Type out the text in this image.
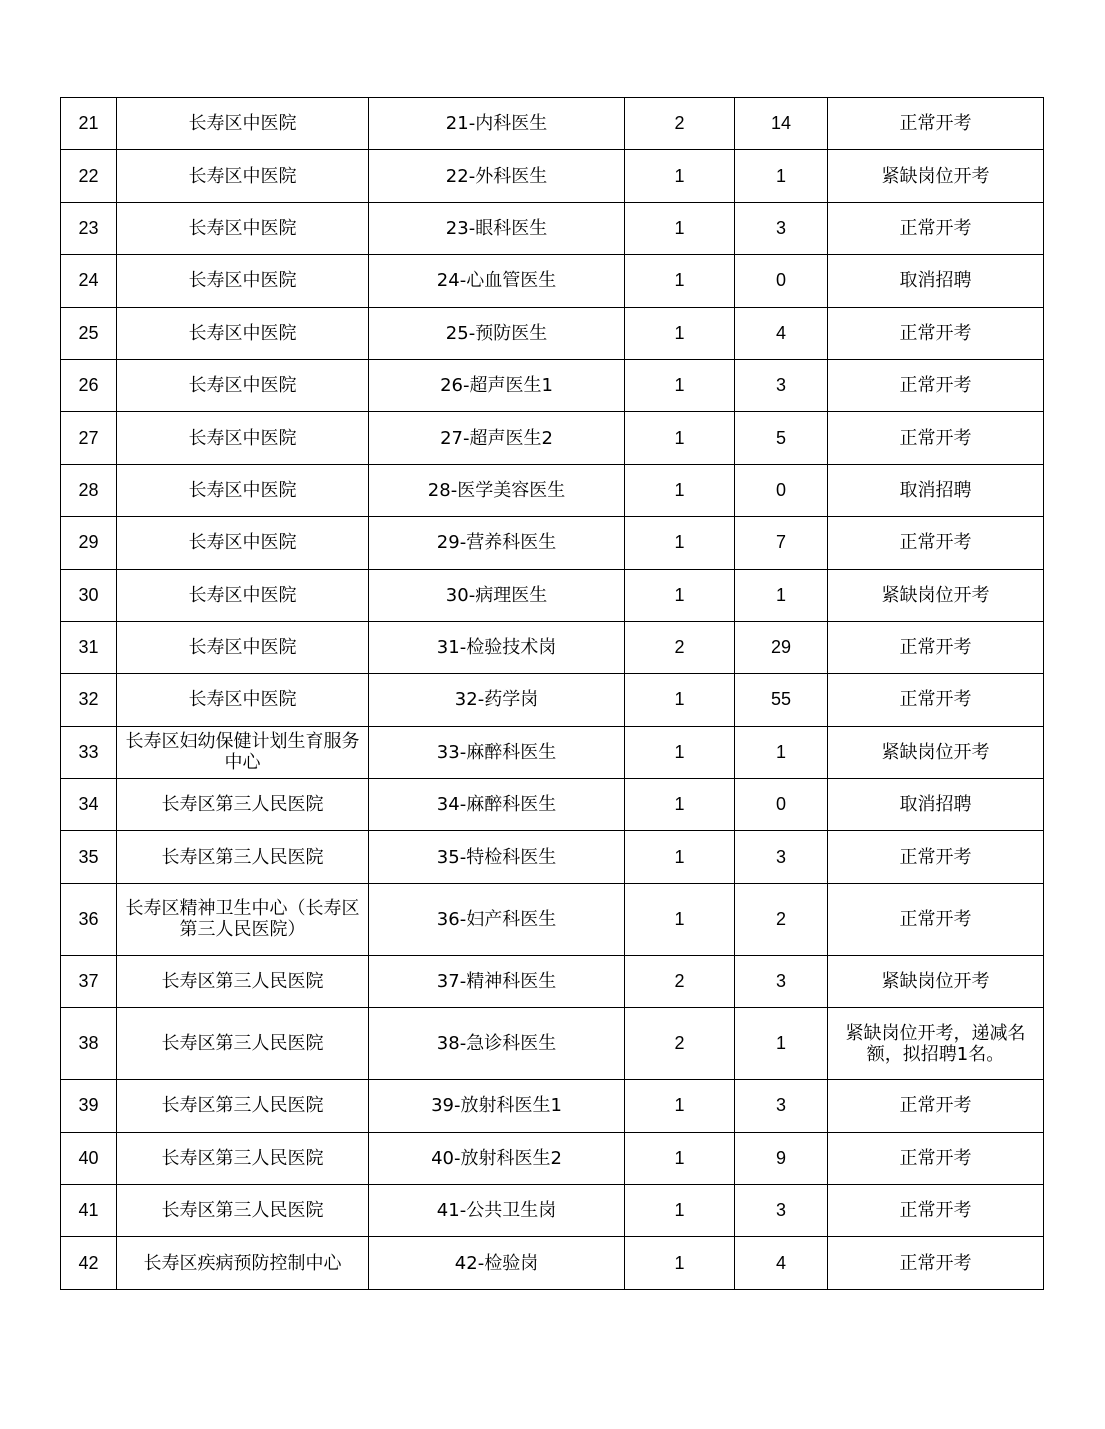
21	长寿区中医院	21-内科医生	2	14	正常开考
22	长寿区中医院	22-外科医生	1	1	紧缺岗位开考
23	长寿区中医院	23-眼科医生	1	3	正常开考
24	长寿区中医院	24-心血管医生	1	0	取消招聘
25	长寿区中医院	25-预防医生	1	4	正常开考
26	长寿区中医院	26-超声医生1	1	3	正常开考
27	长寿区中医院	27-超声医生2	1	5	正常开考
28	长寿区中医院	28-医学美容医生	1	0	取消招聘
29	长寿区中医院	29-营养科医生	1	7	正常开考
30	长寿区中医院	30-病理医生	1	1	紧缺岗位开考
31	长寿区中医院	31-检验技术岗	2	29	正常开考
32	长寿区中医院	32-药学岗	1	55	正常开考
33	长寿区妇幼保健计划生育服务中心	33-麻醉科医生	1	1	紧缺岗位开考
34	长寿区第三人民医院	34-麻醉科医生	1	0	取消招聘
35	长寿区第三人民医院	35-特检科医生	1	3	正常开考
36	长寿区精神卫生中心（长寿区第三人民医院）	36-妇产科医生	1	2	正常开考
37	长寿区第三人民医院	37-精神科医生	2	3	紧缺岗位开考
38	长寿区第三人民医院	38-急诊科医生	2	1	紧缺岗位开考，递减名额，拟招聘1名。
39	长寿区第三人民医院	39-放射科医生1	1	3	正常开考
40	长寿区第三人民医院	40-放射科医生2	1	9	正常开考
41	长寿区第三人民医院	41-公共卫生岗	1	3	正常开考
42	长寿区疾病预防控制中心	42-检验岗	1	4	正常开考
